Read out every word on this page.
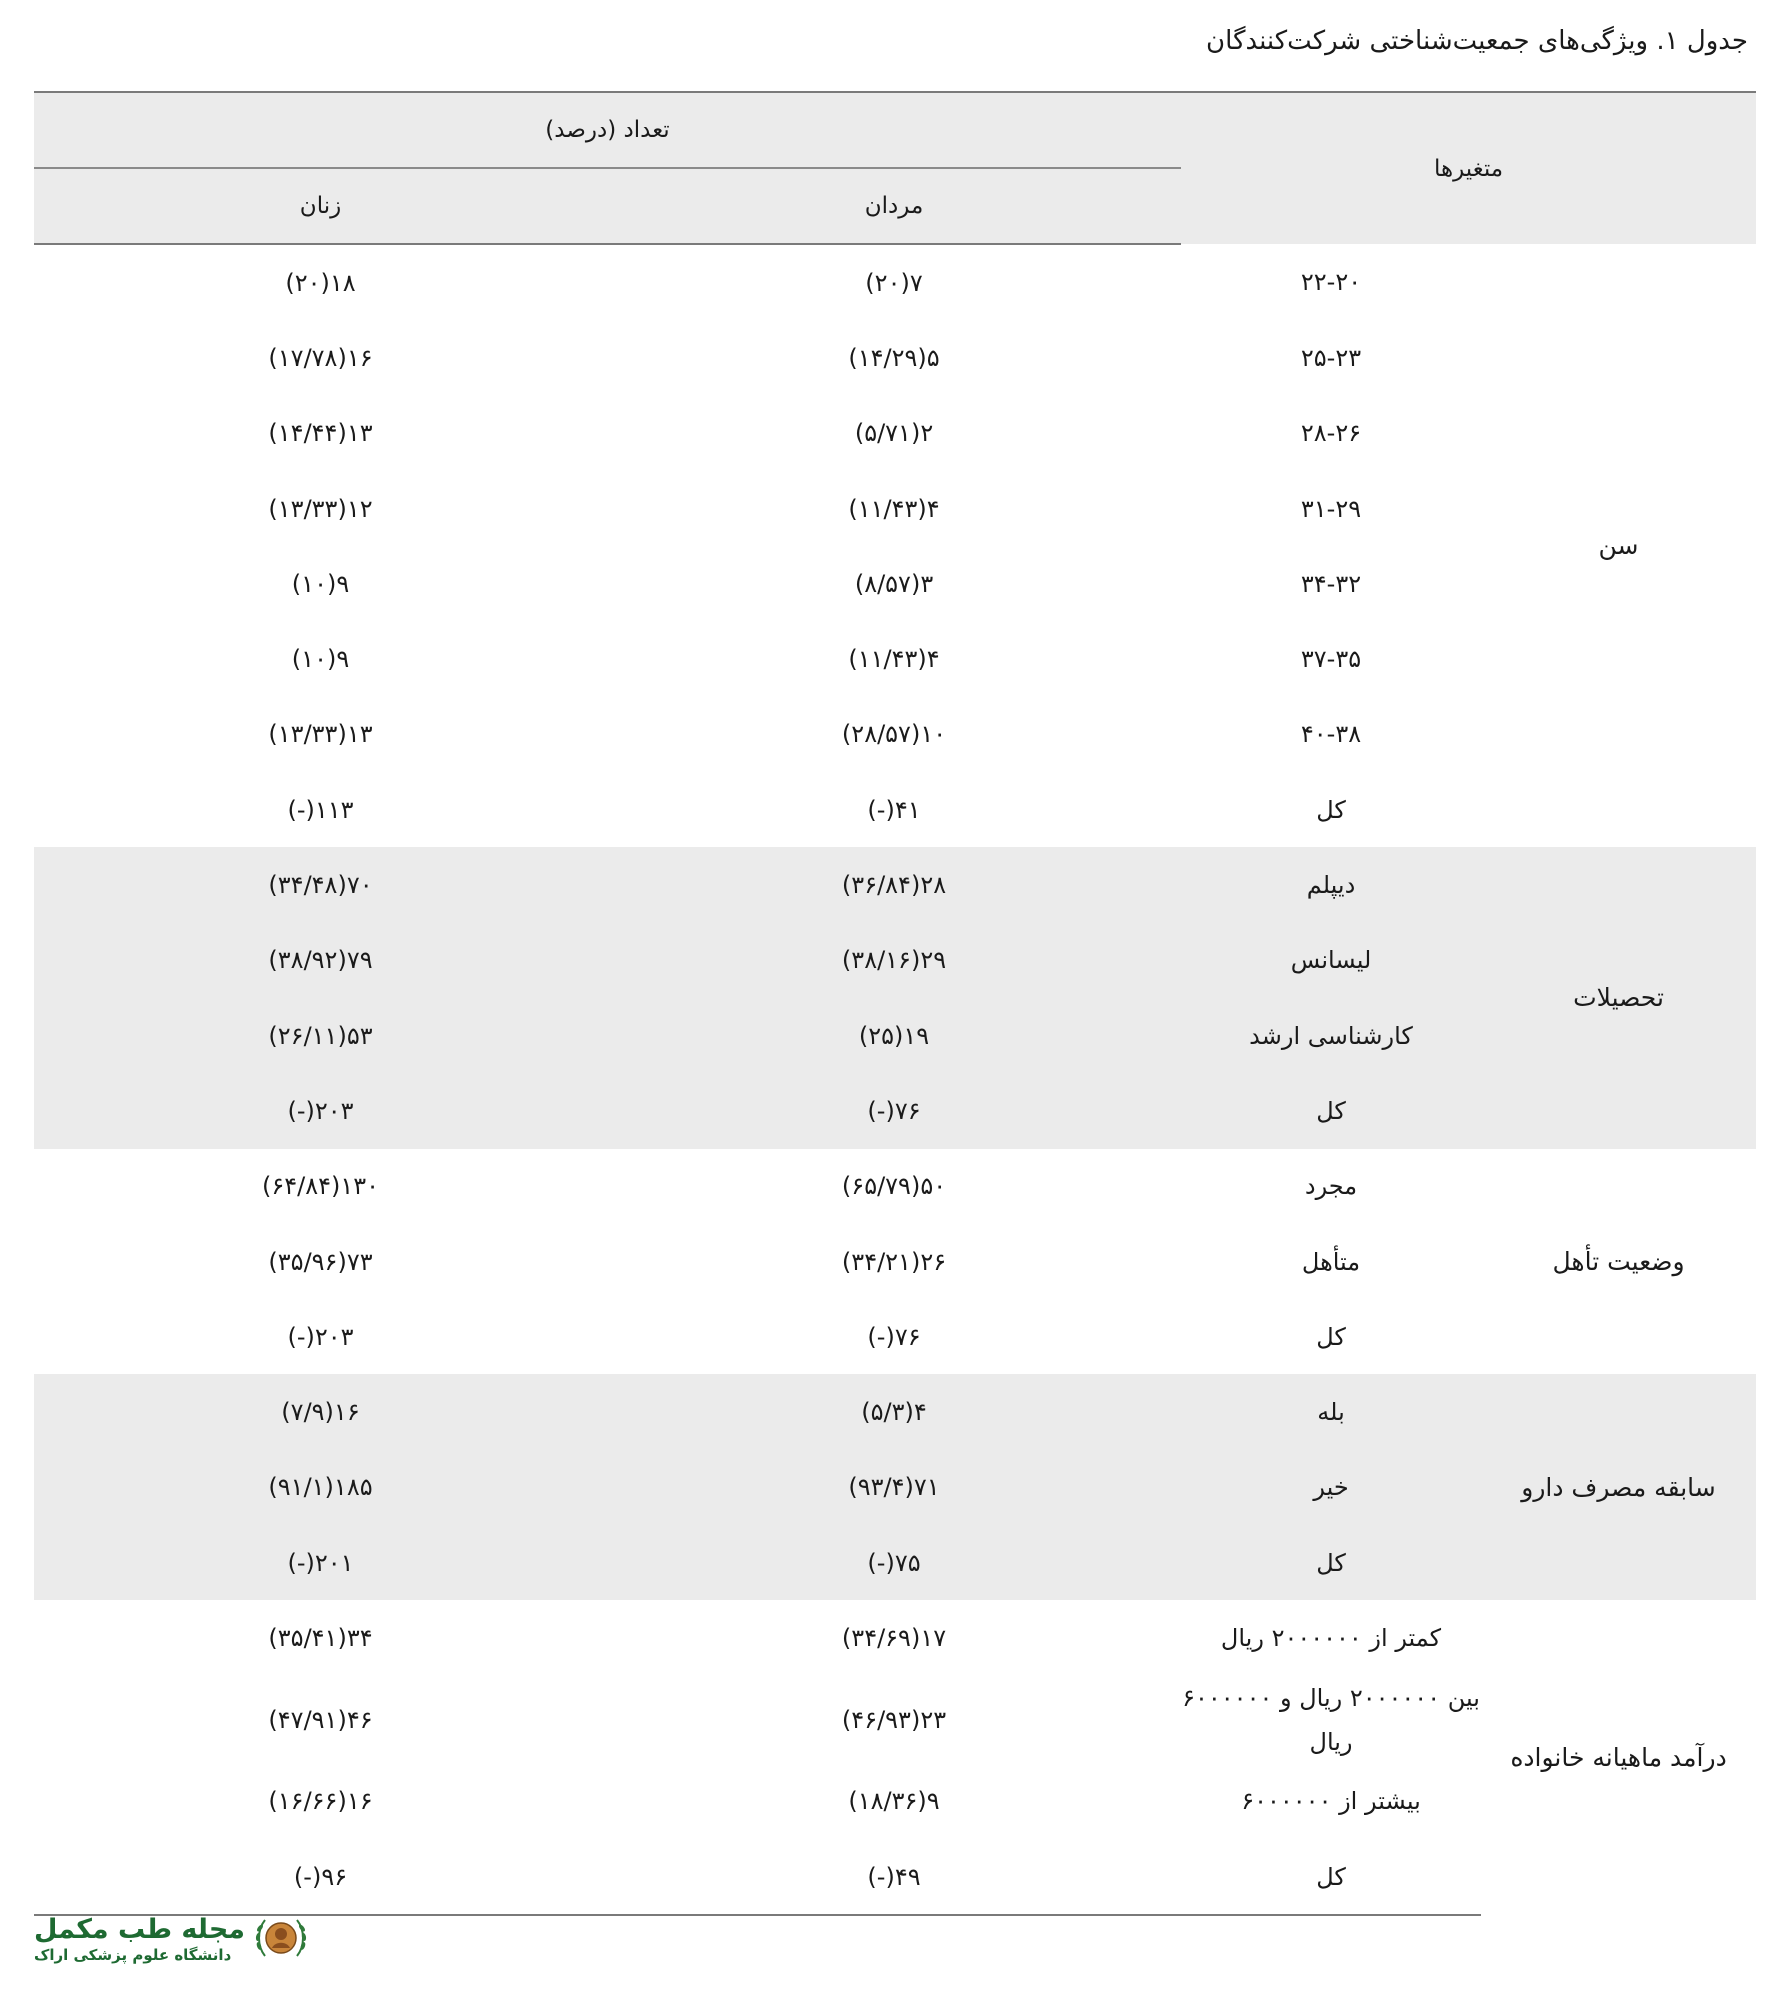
جدول ۱. ویژگی‌های جمعیت‌شناختی شرکت‌کنندگان
متغیرها		تعداد (درصد)	
		مردان	زنان
سن	۲۲-۲۰	۷(۲۰)	۱۸(۲۰)
	۲۵-۲۳	۵(۱۴/۲۹)	۱۶(۱۷/۷۸)
	۲۸-۲۶	۲(۵/۷۱)	۱۳(۱۴/۴۴)
	۳۱-۲۹	۴(۱۱/۴۳)	۱۲(۱۳/۳۳)
	۳۴-۳۲	۳(۸/۵۷)	۹(۱۰)
	۳۷-۳۵	۴(۱۱/۴۳)	۹(۱۰)
	۴۰-۳۸	۱۰(۲۸/۵۷)	۱۳(۱۳/۳۳)
	کل	۴۱(-)	۱۱۳(-)
تحصیلات	دیپلم	۲۸(۳۶/۸۴)	۷۰(۳۴/۴۸)
	لیسانس	۲۹(۳۸/۱۶)	۷۹(۳۸/۹۲)
	کارشناسی ارشد	۱۹(۲۵)	۵۳(۲۶/۱۱)
	کل	۷۶(-)	۲۰۳(-)
وضعیت تأهل	مجرد	۵۰(۶۵/۷۹)	۱۳۰(۶۴/۸۴)
	متأهل	۲۶(۳۴/۲۱)	۷۳(۳۵/۹۶)
	کل	۷۶(-)	۲۰۳(-)
سابقه مصرف دارو	بله	۴(۵/۳)	۱۶(۷/۹)
	خیر	۷۱(۹۳/۴)	۱۸۵(۹۱/۱)
	کل	۷۵(-)	۲۰۱(-)
درآمد ماهیانه خانواده	کمتر از ۲۰۰۰۰۰۰ ریال	۱۷(۳۴/۶۹)	۳۴(۳۵/۴۱)
	بین ۲۰۰۰۰۰۰ ریال و ۶۰۰۰۰۰۰ ریال	۲۳(۴۶/۹۳)	۴۶(۴۷/۹۱)
	بیشتر از ۶۰۰۰۰۰۰	۹(۱۸/۳۶)	۱۶(۱۶/۶۶)
	کل	۴۹(-)	۹۶(-)
مجله طب مکمل
دانشگاه علوم پزشکی اراک
